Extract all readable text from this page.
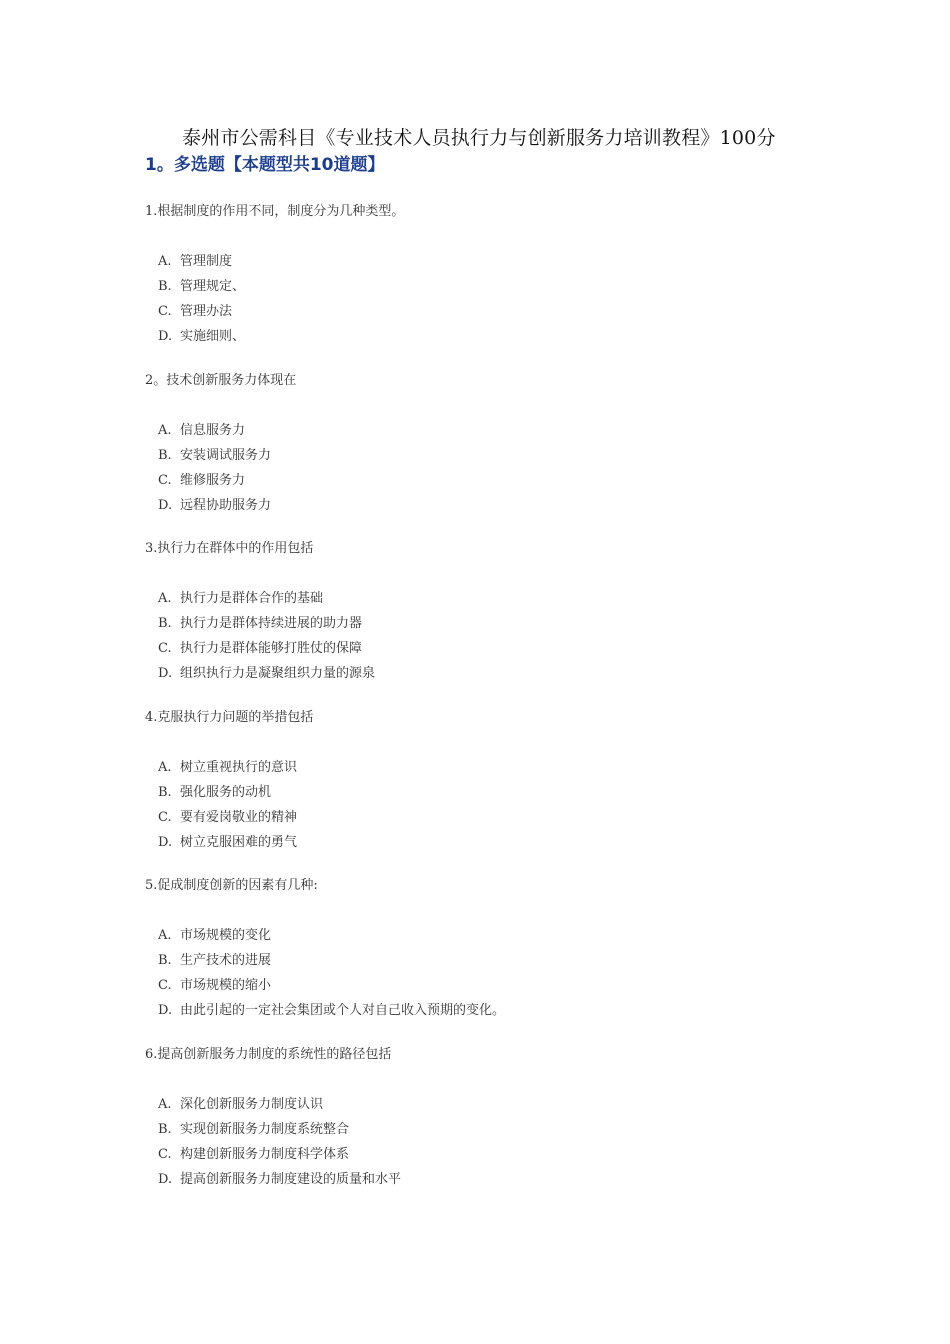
泰州市公需科目《专业技术人员执行力与创新服务力培训教程》100分
1。多选题【本题型共10道题】
1.根据制度的作用不同，制度分为几种类型。
A. 管理制度
B. 管理规定、
C. 管理办法
D. 实施细则、
2。技术创新服务力体现在
A. 信息服务力
B. 安装调试服务力
C. 维修服务力
D. 远程协助服务力
3.执行力在群体中的作用包括
A. 执行力是群体合作的基础
B. 执行力是群体持续进展的助力器
C. 执行力是群体能够打胜仗的保障
D. 组织执行力是凝聚组织力量的源泉
4.克服执行力问题的举措包括
A. 树立重视执行的意识
B. 强化服务的动机
C. 要有爱岗敬业的精神
D. 树立克服困难的勇气
5.促成制度创新的因素有几种:
A. 市场规模的变化
B. 生产技术的进展
C. 市场规模的缩小
D. 由此引起的一定社会集团或个人对自己收入预期的变化。
6.提高创新服务力制度的系统性的路径包括
A. 深化创新服务力制度认识
B. 实现创新服务力制度系统整合
C. 构建创新服务力制度科学体系
D. 提高创新服务力制度建设的质量和水平
